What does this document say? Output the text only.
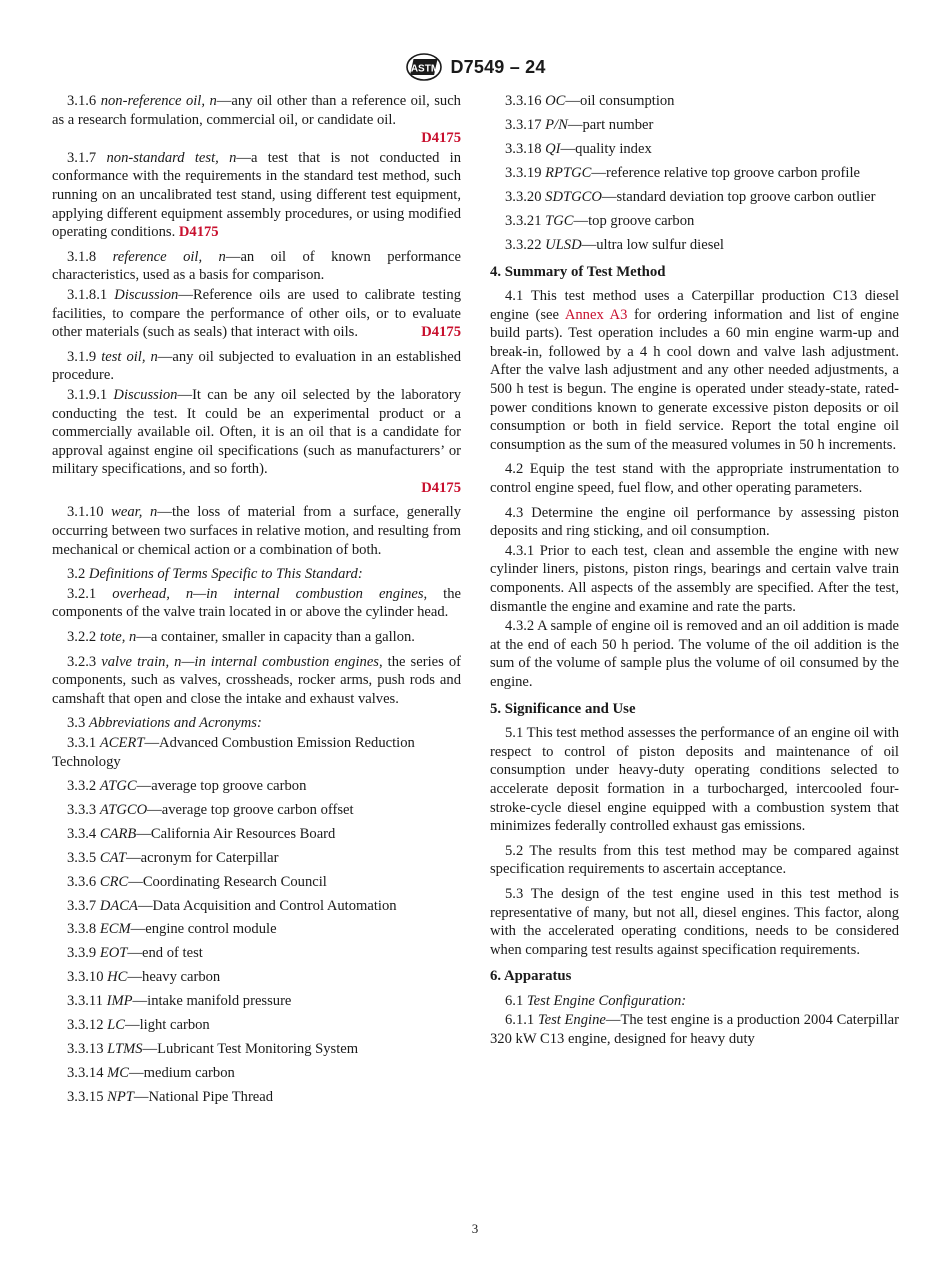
ASTM D7549 – 24

3.1.6 non-reference oil, n—any oil other than a reference oil, such as a research formulation, commercial oil, or candidate oil.
D4175

3.1.7 non-standard test, n—a test that is not conducted in conformance with the requirements in the standard test method, such running on an uncalibrated test stand, using different test equipment, applying different equipment assembly procedures, or using modified operating conditions. D4175

3.1.8 reference oil, n—an oil of known performance characteristics, used as a basis for comparison.

3.1.8.1 Discussion—Reference oils are used to calibrate testing facilities, to compare the performance of other oils, or to evaluate other materials (such as seals) that interact with oils.	D4175

3.1.9 test oil, n—any oil subjected to evaluation in an established procedure.

3.1.9.1 Discussion—It can be any oil selected by the laboratory conducting the test. It could be an experimental product or a commercially available oil. Often, it is an oil that is a candidate for approval against engine oil specifications (such as manufacturers’ or military specifications, and so forth).
D4175

3.1.10 wear, n—the loss of material from a surface, generally occurring between two surfaces in relative motion, and resulting from mechanical or chemical action or a combination of both.

3.2 Definitions of Terms Specific to This Standard:

3.2.1 overhead, n—in internal combustion engines, the components of the valve train located in or above the cylinder head.

3.2.2 tote, n—a container, smaller in capacity than a gallon.

3.2.3 valve train, n—in internal combustion engines, the series of components, such as valves, crossheads, rocker arms, push rods and camshaft that open and close the intake and exhaust valves.

3.3 Abbreviations and Acronyms:

3.3.1 ACERT—Advanced Combustion Emission Reduction Technology

3.3.2 ATGC—average top groove carbon

3.3.3 ATGCO—average top groove carbon offset

3.3.4 CARB—California Air Resources Board

3.3.5 CAT—acronym for Caterpillar

3.3.6 CRC—Coordinating Research Council

3.3.7 DACA—Data Acquisition and Control Automation

3.3.8 ECM—engine control module

3.3.9 EOT—end of test

3.3.10 HC—heavy carbon

3.3.11 IMP—intake manifold pressure

3.3.12 LC—light carbon

3.3.13 LTMS—Lubricant Test Monitoring System

3.3.14 MC—medium carbon

3.3.15 NPT—National Pipe Thread

3.3.16 OC—oil consumption

3.3.17 P/N—part number

3.3.18 QI—quality index

3.3.19 RPTGC—reference relative top groove carbon profile

3.3.20 SDTGCO—standard deviation top groove carbon outlier

3.3.21 TGC—top groove carbon

3.3.22 ULSD—ultra low sulfur diesel

4. Summary of Test Method

4.1 This test method uses a Caterpillar production C13 diesel engine (see Annex A3 for ordering information and list of engine build parts). Test operation includes a 60 min engine warm-up and break-in, followed by a 4 h cool down and valve lash adjustment. After the valve lash adjustment and any other needed adjustments, a 500 h test is begun. The engine is operated under steady-state, rated-power conditions known to generate excessive piston deposits or oil consumption or both in field service. Report the total engine oil consumption as the sum of the measured volumes in 50 h increments.

4.2 Equip the test stand with the appropriate instrumentation to control engine speed, fuel flow, and other operating parameters.

4.3 Determine the engine oil performance by assessing piston deposits and ring sticking, and oil consumption.

4.3.1 Prior to each test, clean and assemble the engine with new cylinder liners, pistons, piston rings, bearings and certain valve train components. All aspects of the assembly are specified. After the test, dismantle the engine and examine and rate the parts.

4.3.2 A sample of engine oil is removed and an oil addition is made at the end of each 50 h period. The volume of the oil addition is the sum of the volume of sample plus the volume of oil consumed by the engine.

5. Significance and Use

5.1 This test method assesses the performance of an engine oil with respect to control of piston deposits and maintenance of oil consumption under heavy-duty operating conditions selected to accelerate deposit formation in a turbocharged, intercooled four-stroke-cycle diesel engine equipped with a combustion system that minimizes federally controlled exhaust gas emissions.

5.2 The results from this test method may be compared against specification requirements to ascertain acceptance.

5.3 The design of the test engine used in this test method is representative of many, but not all, diesel engines. This factor, along with the accelerated operating conditions, needs to be considered when comparing test results against specification requirements.

6. Apparatus

6.1 Test Engine Configuration:

6.1.1 Test Engine—The test engine is a production 2004 Caterpillar 320 kW C13 engine, designed for heavy duty

3
